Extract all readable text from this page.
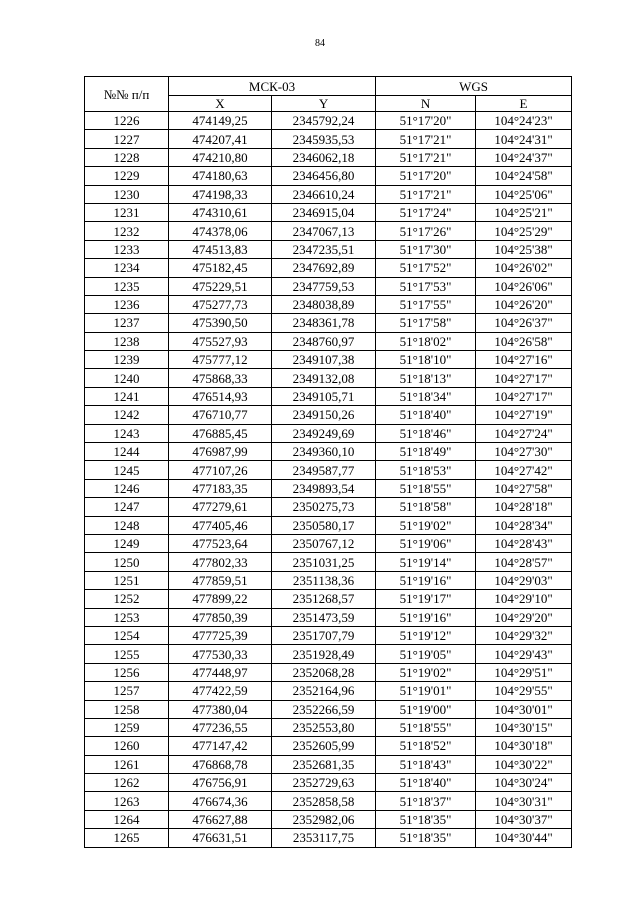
84
№№ п/п	МСК-03		WGS	
	X	Y	N	E
1226	474149,25	2345792,24	51°17'20"	104°24'23"
1227	474207,41	2345935,53	51°17'21"	104°24'31"
1228	474210,80	2346062,18	51°17'21"	104°24'37"
1229	474180,63	2346456,80	51°17'20"	104°24'58"
1230	474198,33	2346610,24	51°17'21"	104°25'06"
1231	474310,61	2346915,04	51°17'24"	104°25'21"
1232	474378,06	2347067,13	51°17'26"	104°25'29"
1233	474513,83	2347235,51	51°17'30"	104°25'38"
1234	475182,45	2347692,89	51°17'52"	104°26'02"
1235	475229,51	2347759,53	51°17'53"	104°26'06"
1236	475277,73	2348038,89	51°17'55"	104°26'20"
1237	475390,50	2348361,78	51°17'58"	104°26'37"
1238	475527,93	2348760,97	51°18'02"	104°26'58"
1239	475777,12	2349107,38	51°18'10"	104°27'16"
1240	475868,33	2349132,08	51°18'13"	104°27'17"
1241	476514,93	2349105,71	51°18'34"	104°27'17"
1242	476710,77	2349150,26	51°18'40"	104°27'19"
1243	476885,45	2349249,69	51°18'46"	104°27'24"
1244	476987,99	2349360,10	51°18'49"	104°27'30"
1245	477107,26	2349587,77	51°18'53"	104°27'42"
1246	477183,35	2349893,54	51°18'55"	104°27'58"
1247	477279,61	2350275,73	51°18'58"	104°28'18"
1248	477405,46	2350580,17	51°19'02"	104°28'34"
1249	477523,64	2350767,12	51°19'06"	104°28'43"
1250	477802,33	2351031,25	51°19'14"	104°28'57"
1251	477859,51	2351138,36	51°19'16"	104°29'03"
1252	477899,22	2351268,57	51°19'17"	104°29'10"
1253	477850,39	2351473,59	51°19'16"	104°29'20"
1254	477725,39	2351707,79	51°19'12"	104°29'32"
1255	477530,33	2351928,49	51°19'05"	104°29'43"
1256	477448,97	2352068,28	51°19'02"	104°29'51"
1257	477422,59	2352164,96	51°19'01"	104°29'55"
1258	477380,04	2352266,59	51°19'00"	104°30'01"
1259	477236,55	2352553,80	51°18'55"	104°30'15"
1260	477147,42	2352605,99	51°18'52"	104°30'18"
1261	476868,78	2352681,35	51°18'43"	104°30'22"
1262	476756,91	2352729,63	51°18'40"	104°30'24"
1263	476674,36	2352858,58	51°18'37"	104°30'31"
1264	476627,88	2352982,06	51°18'35"	104°30'37"
1265	476631,51	2353117,75	51°18'35"	104°30'44"
